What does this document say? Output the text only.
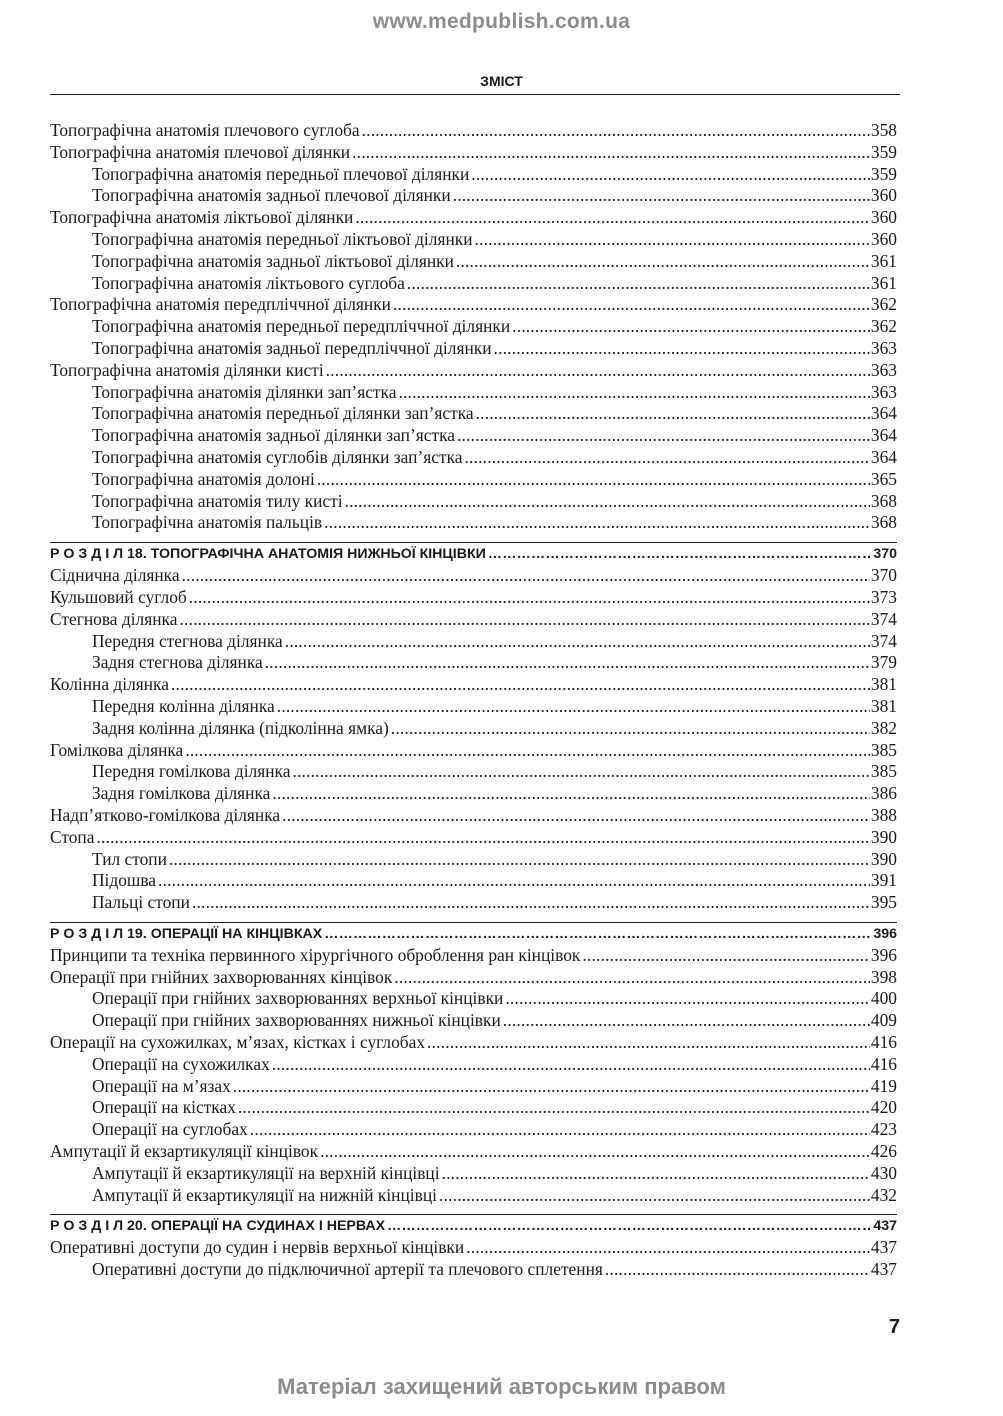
www.medpublish.com.ua
ЗМІСТ
Топографічна анатомія плечового суглоба .....	358
Топографічна анатомія плечової ділянки .....	359
Топографічна анатомія передньої плечової ділянки .....	359
Топографічна анатомія задньої плечової ділянки .....	360
Топографічна анатомія ліктьової ділянки .....	360
Топографічна анатомія передньої ліктьової ділянки .....	360
Топографічна анатомія задньої ліктьової ділянки .....	361
Топографічна анатомія ліктьового суглоба .....	361
Топографічна анатомія передпліччної ділянки .....	362
Топографічна анатомія передньої передпліччної ділянки .....	362
Топографічна анатомія задньої передпліччної ділянки .....	363
Топографічна анатомія ділянки кисті .....	363
Топографічна анатомія ділянки зап’ястка .....	363
Топографічна анатомія передньої ділянки зап’ястка .....	364
Топографічна анатомія задньої ділянки зап’ястка .....	364
Топографічна анатомія суглобів ділянки зап’ястка .....	364
Топографічна анатомія долоні .....	365
Топографічна анатомія тилу кисті .....	368
Топографічна анатомія пальців .....	368
Р О З Д І Л 18. ТОПОГРАФІЧНА АНАТОМІЯ НИЖНЬОЇ КІНЦІВКИ …………………………………………………………………………………………………………………………………………………………………………………………………	370
Сіднична ділянка .....	370
Кульшовий суглоб .....	373
Стегнова ділянка .....	374
Передня стегнова ділянка .....	374
Задня стегнова ділянка .....	379
Колінна ділянка .....	381
Передня колінна ділянка .....	381
Задня колінна ділянка (підколінна ямка) .....	382
Гомілкова ділянка .....	385
Передня гомілкова ділянка .....	385
Задня гомілкова ділянка .....	386
Надп’ятково-гомілкова ділянка .....	388
Стопа .....	390
Тил стопи .....	390
Підошва .....	391
Пальці стопи .....	395
Р О З Д І Л 19. ОПЕРАЦІЇ НА КІНЦІВКАХ …………………………………………………………………………………………………………………………………………………………………………………………………	396
Принципи та техніка первинного хірургічного оброблення ран кінцівок .....	396
Операції при гнійних захворюваннях кінцівок .....	398
Операції при гнійних захворюваннях верхньої кінцівки .....	400
Операції при гнійних захворюваннях нижньої кінцівки .....	409
Операції на сухожилках, м’язах, кістках і суглобах .....	416
Операції на сухожилках .....	416
Операції на м’язах .....	419
Операції на кістках .....	420
Операції на суглобах .....	423
Ампутації й екзартикуляції кінцівок .....	426
Ампутації й екзартикуляції на верхній кінцівці .....	430
Ампутації й екзартикуляції на нижній кінцівці .....	432
Р О З Д І Л 20. ОПЕРАЦІЇ НА СУДИНАХ І НЕРВАХ …………………………………………………………………………………………………………………………………………………………………………………………………	437
Оперативні доступи до судин і нервів верхньої кінцівки .....	437
Оперативні доступи до підключичної артерії та плечового сплетення .....	437
7
Матеріал захищений авторським правом
